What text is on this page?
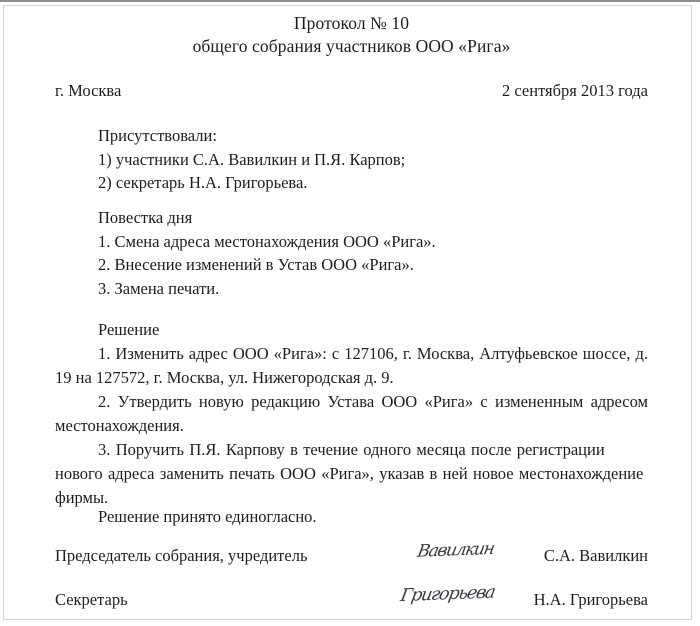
Протокол № 10
общего собрания участников ООО «Рига»
г. Москва	2 сентября 2013 года

Присутствовали:

1) участники С.А. Вавилкин и П.Я. Карпов;

2) секретарь Н.А. Григорьева.

Повестка дня

1. Смена адреса местонахождения ООО «Рига».

2. Внесение изменений в Устав ООО «Рига».

3. Замена печати.

Решение

1. Изменить адрес ООО «Рига»: с 127106, г. Москва, Алтуфьевское шоссе, д. 19 на 127572, г. Москва, ул. Нижегородская д. 9.

2. Утвердить новую редакцию Устава ООО «Рига» с измененным адресом местонахождения.

3. Поручить П.Я. Карпову в течение одного месяца после регистрации нового адреса заменить печать ООО «Рига», указав в ней новое местонахождение фирмы.

Решение принято единогласно.
Председатель собрания, учредитель	Вавилкин	С.А. Вавилкин
Секретарь	Григорьева	Н.А. Григорьева
